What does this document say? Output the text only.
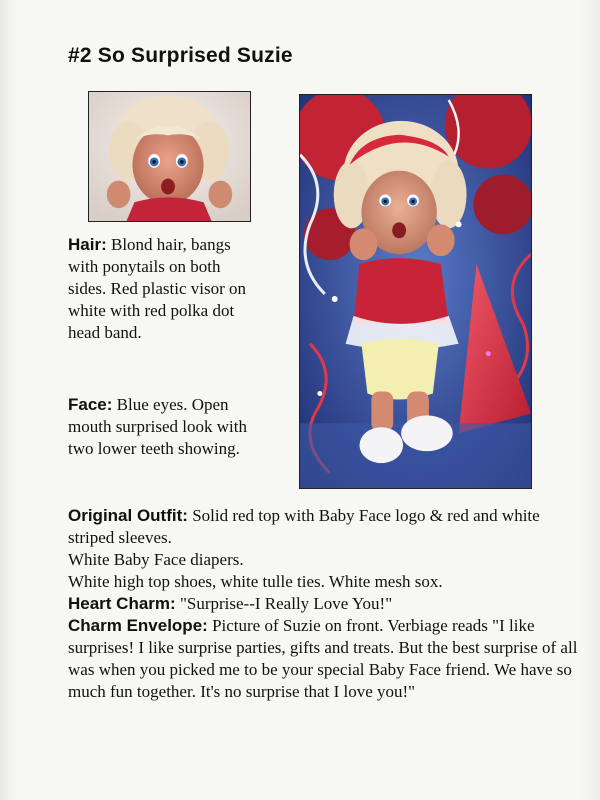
#2 So Surprised Suzie
Hair: Blond hair, bangs with ponytails on both sides. Red plastic visor on white with red polka dot head band.
Face: Blue eyes. Open mouth surprised look with two lower teeth showing.

Original Outfit: Solid red top with Baby Face logo & red and white striped sleeves.

White Baby Face diapers.

White high top shoes, white tulle ties. White mesh sox.

Heart Charm: "Surprise--I Really Love You!"

Charm Envelope: Picture of Suzie on front. Verbiage reads "I like surprises! I like surprise parties, gifts and treats. But the best surprise of all was when you picked me to be your special Baby Face friend. We have so much fun together. It's no surprise that I love you!"
